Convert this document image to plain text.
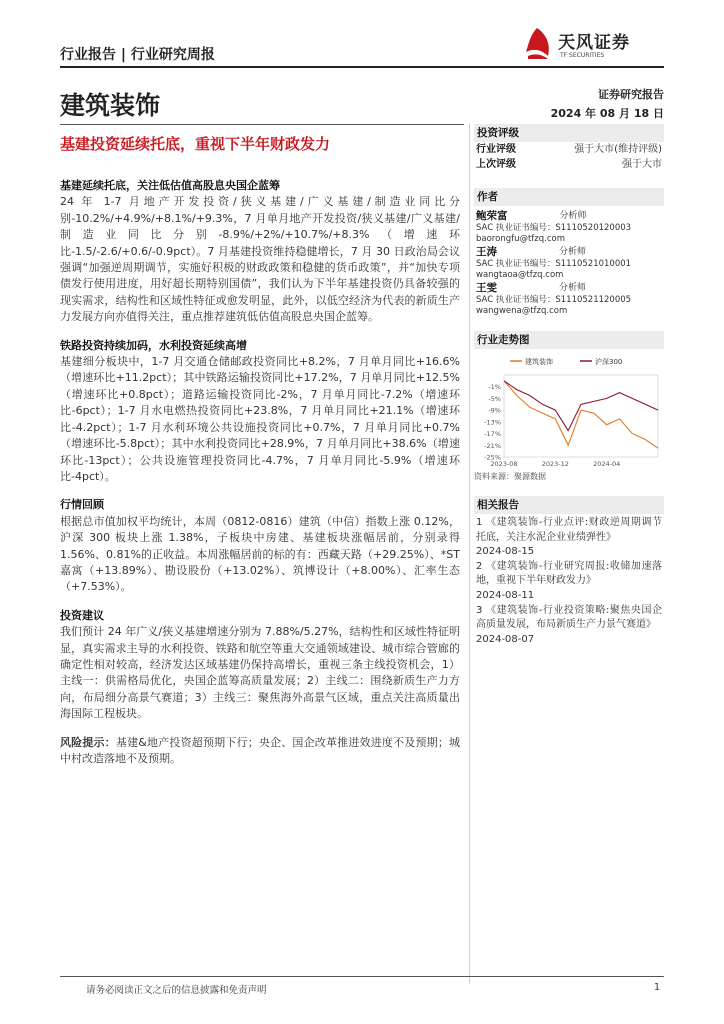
行业报告 | 行业研究周报
天风证券
TF SECURITIES
建筑装饰	证券研究报告
2024 年 08 月 18 日
基建投资延续托底，重视下半年财政发力
基建延续托底，关注低估值高股息央国企蓝筹

24 年 1-7 月地产开发投资/狭义基建/广义基建/制造业同比分别-10.2%/+4.9%/+8.1%/+9.3%，7 月单月地产开发投资/狭义基建/广义基建/制造业同比分别-8.9%/+2%/+10.7%/+8.3%（增速环比-1.5/-2.6/+0.6/-0.9pct）。7 月基建投资维持稳健增长，7 月 30 日政治局会议强调“加强逆周期调节，实施好积极的财政政策和稳健的货币政策”，并“加快专项债发行使用进度，用好超长期特别国债”，我们认为下半年基建投资仍具备较强的现实需求，结构性和区域性特征或愈发明显，此外，以低空经济为代表的新质生产力发展方向亦值得关注，重点推荐建筑低估值高股息央国企蓝筹。

铁路投资持续加码，水利投资延续高增

基建细分板块中，1-7 月交通仓储邮政投资同比+8.2%，7 月单月同比+16.6%（增速环比+11.2pct）；其中铁路运输投资同比+17.2%，7 月单月同比+12.5%（增速环比+0.8pct）；道路运输投资同比-2%，7 月单月同比-7.2%（增速环比-6pct）；1-7 月水电燃热投资同比+23.8%，7 月单月同比+21.1%（增速环比-4.2pct）；1-7 月水利环境公共设施投资同比+0.7%，7 月单月同比+0.7%（增速环比-5.8pct）；其中水利投资同比+28.9%，7 月单月同比+38.6%（增速环比-13pct）；公共设施管理投资同比-4.7%，7 月单月同比-5.9%（增速环比-4pct）。

行情回顾

根据总市值加权平均统计，本周（0812-0816）建筑（中信）指数上涨 0.12%，沪深 300 板块上涨 1.38%，子板块中房建、基建板块涨幅居前，分别录得 1.56%、0.81%的正收益。本周涨幅居前的标的有：西藏天路（+29.25%）、*ST 嘉寓（+13.89%）、勘设股份（+13.02%）、筑博设计（+8.00%）、汇率生态（+7.53%）。

投资建议

我们预计 24 年广义/狭义基建增速分别为 7.88%/5.27%，结构性和区域性特征明显，真实需求主导的水利投资、铁路和航空等重大交通领域建设、城市综合管廊的确定性相对较高，经济发达区域基建仍保持高增长，重视三条主线投资机会，1）主线一：供需格局优化，央国企蓝筹高质量发展；2）主线二：围绕新质生产力方向，布局细分高景气赛道；3）主线三：聚焦海外高景气区域，重点关注高质量出海国际工程板块。

风险提示：基建&地产投资超预期下行；央企、国企改革推进效进度不及预期；城中村改造落地不及预期。

投资评级
行业评级	强于大市(维持评级)
上次评级	强于大市
作者
鲍荣富	分析师
SAC 执业证书编号：S1110520120003
baorongfu@tfzq.com
王涛	分析师
SAC 执业证书编号：S1110521010001
wangtaoa@tfzq.com
王雯	分析师
SAC 执业证书编号：S1110521120005
wangwena@tfzq.com
行业走势图
建筑装饰	沪深300
-1%
-5%
-9%
-13%
-17%
-21%
-25%
2023-08	2023-12	2024-04
资料来源：聚源数据
相关报告
1 《建筑装饰-行业点评:财政逆周期调节托底，关注水泥企业业绩弹性》
2024-08-15
2 《建筑装饰-行业研究周报:收储加速落地，重视下半年财政发力》
2024-08-11
3 《建筑装饰-行业投资策略:聚焦央国企高质量发展，布局新质生产力景气赛道》
2024-08-07
请务必阅读正文之后的信息披露和免责声明	1
